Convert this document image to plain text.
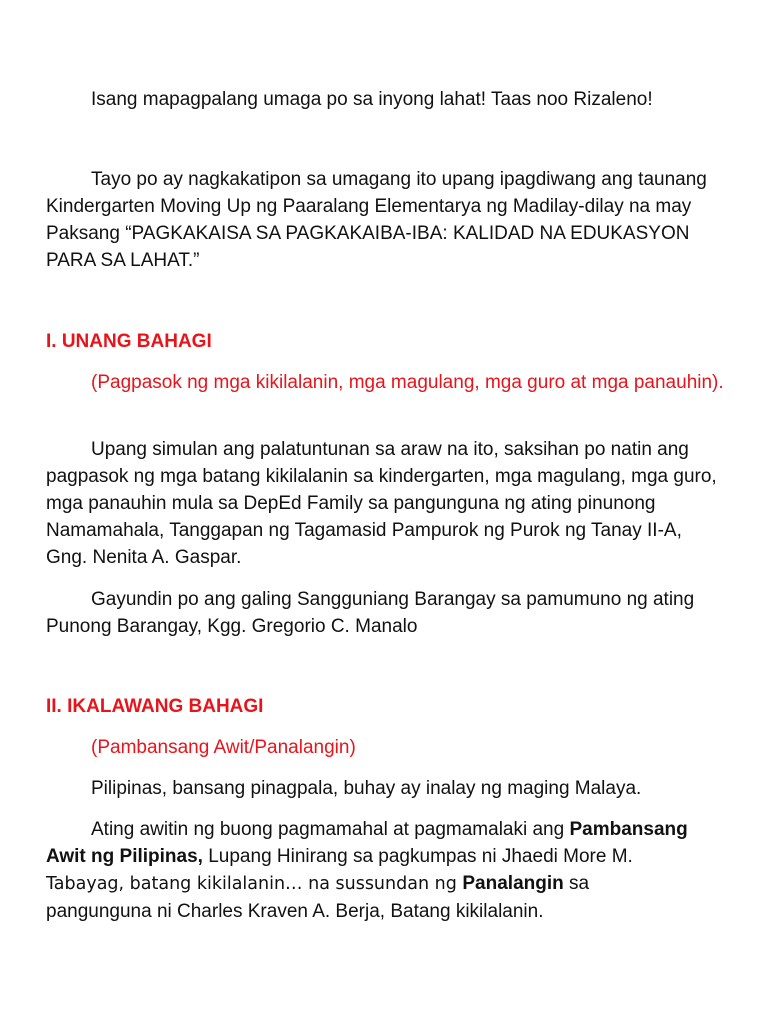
Isang mapagpalang umaga po sa inyong lahat! Taas noo Rizaleno!

Tayo po ay nagkakatipon sa umagang ito upang ipagdiwang ang taunang Kindergarten Moving Up ng Paaralang Elementarya ng Madilay-dilay na may Paksang “PAGKAKAISA SA PAGKAKAIBA-IBA: KALIDAD NA EDUKASYON PARA SA LAHAT.”

I. UNANG BAHAGI

(Pagpasok ng mga kikilalanin, mga magulang, mga guro at mga panauhin).

Upang simulan ang palatuntunan sa araw na ito, saksihan po natin ang pagpasok ng mga batang kikilalanin sa kindergarten, mga magulang, mga guro, mga panauhin mula sa DepEd Family sa pangunguna ng ating pinunong Namamahala, Tanggapan ng Tagamasid Pampurok ng Purok ng Tanay II-A, Gng. Nenita A. Gaspar.

Gayundin po ang galing Sangguniang Barangay sa pamumuno ng ating Punong Barangay, Kgg. Gregorio C. Manalo

II. IKALAWANG BAHAGI

(Pambansang Awit/Panalangin)

Pilipinas, bansang pinagpala, buhay ay inalay ng maging Malaya.

Ating awitin ng buong pagmamahal at pagmamalaki ang Pambansang Awit ng Pilipinas, Lupang Hinirang sa pagkumpas ni Jhaedi More M.
Tabayag, batang kikilalanin… na sussundan ng Panalangin sa
pangunguna ni Charles Kraven A. Berja, Batang kikilalanin.
